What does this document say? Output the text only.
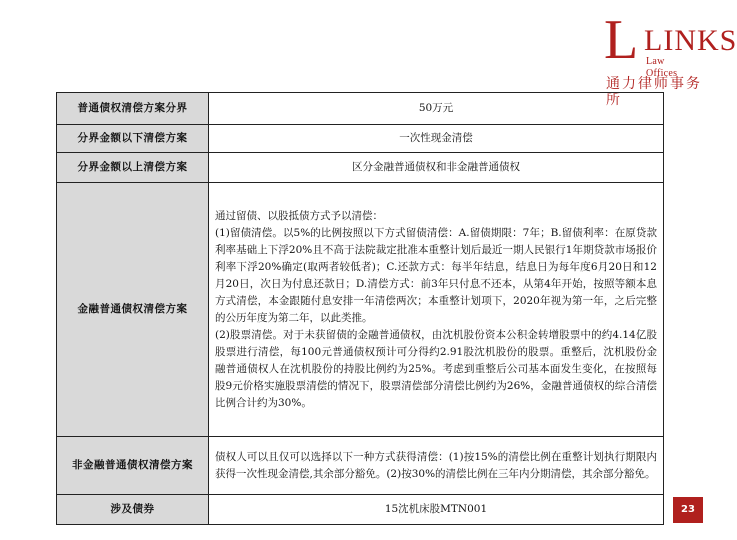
L LINKS
Law Offices
通力律师事务所
普通债权清偿方案分界	50万元
分界金额以下清偿方案	一次性现金清偿
分界金额以上清偿方案	区分金融普通债权和非金融普通债权
金融普通债权清偿方案	通过留债、以股抵债方式予以清偿：

(1)留债清偿。以5%的比例按照以下方式留债清偿：A.留债期限：7年；B.留债利率：在原贷款利率基础上下浮20%且不高于法院裁定批准本重整计划后最近一期人民银行1年期贷款市场报价利率下浮20%确定(取两者较低者)；C.还款方式：每半年结息，结息日为每年度6月20日和12月20日，次日为付息还款日；D.清偿方式：前3年只付息不还本，从第4年开始，按照等额本息方式清偿，本金跟随付息安排一年清偿两次；本重整计划项下，2020年视为第一年，之后完整的公历年度为第二年，以此类推。

(2)股票清偿。对于未获留债的金融普通债权，由沈机股份资本公积金转增股票中的约4.14亿股股票进行清偿，每100元普通债权预计可分得约2.91股沈机股份的股票。重整后，沈机股份金融普通债权人在沈机股份的持股比例约为25%。考虑到重整后公司基本面发生变化，在按照每股9元价格实施股票清偿的情况下，股票清偿部分清偿比例约为26%，金融普通债权的综合清偿比例合计约为30%。

非金融普通债权清偿方案	债权人可以且仅可以选择以下一种方式获得清偿：(1)按15%的清偿比例在重整计划执行期限内获得一次性现金清偿,其余部分豁免。(2)按30%的清偿比例在三年内分期清偿，其余部分豁免。

涉及债券	15沈机床股MTN001	23
